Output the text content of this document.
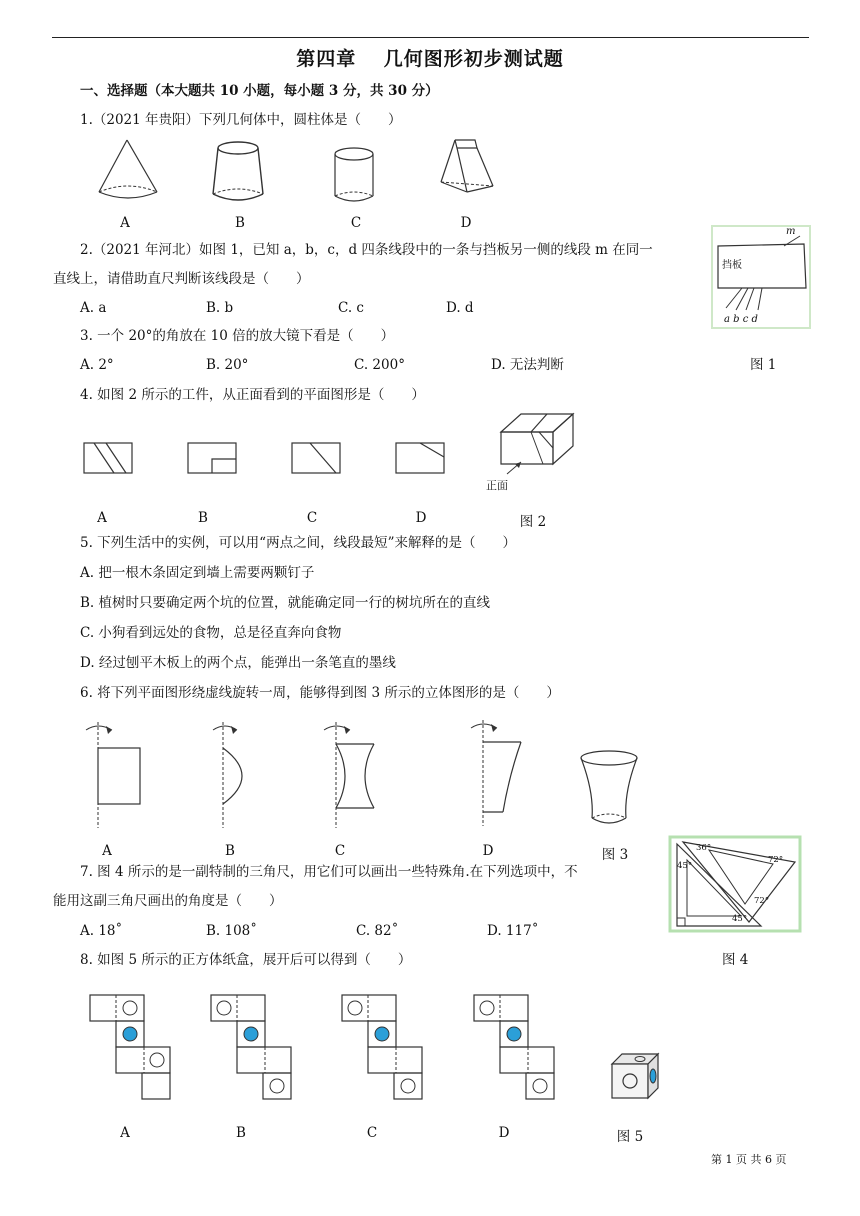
第四章　 几何图形初步测试题
一、选择题（本大题共 10 小题，每小题 3 分，共 30 分）
1.（2021 年贵阳）下列几何体中，圆柱体是（　　）
A	B	C	D
2.（2021 年河北）如图 1，已知 a，b，c，d 四条线段中的一条与挡板另一侧的线段 m 在同一
直线上，请借助直尺判断该线段是（　　）
A. a	B. b	C. c	D. d
挡板
m
a b c d
3. 一个 20°的角放在 10 倍的放大镜下看是（　　）
A. 2°	B. 20°	C. 200°	D. 无法判断	图 1
4. 如图 2 所示的工件，从正面看到的平面图形是（　　）
正面
A	B	C	D	图 2
5. 下列生活中的实例，可以用“两点之间，线段最短”来解释的是（　　）
A. 把一根木条固定到墙上需要两颗钉子
B. 植树时只要确定两个坑的位置，就能确定同一行的树坑所在的直线
C. 小狗看到远处的食物，总是径直奔向食物
D. 经过刨平木板上的两个点，能弹出一条笔直的墨线
6. 将下列平面图形绕虚线旋转一周，能够得到图 3 所示的立体图形的是（　　）
A	B	C	D	图 3
7. 图 4 所示的是一副特制的三角尺，用它们可以画出一些特殊角.在下列选项中，不
能用这副三角尺画出的角度是（　　）
A. 18˚	B. 108˚	C. 82˚	D. 117˚
36°
72°
45°
72°
45°
8. 如图 5 所示的正方体纸盒，展开后可以得到（　　）	图 4
A	B	C	D	图 5
第 1 页 共 6 页
